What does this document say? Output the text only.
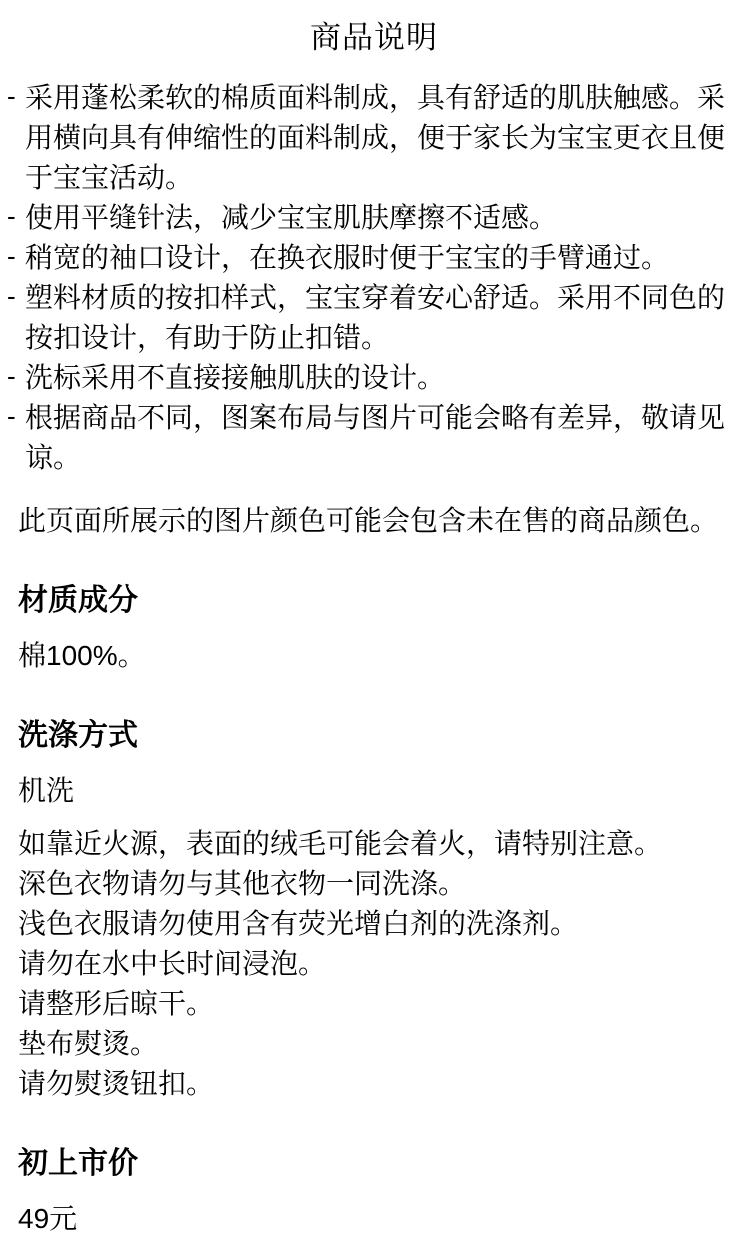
商品说明
- 采用蓬松柔软的棉质面料制成，具有舒适的肌肤触感。采用横向具有伸缩性的面料制成，便于家长为宝宝更衣且便于宝宝活动。
- 使用平缝针法，减少宝宝肌肤摩擦不适感。
- 稍宽的袖口设计，在换衣服时便于宝宝的手臂通过。
- 塑料材质的按扣样式，宝宝穿着安心舒适。采用不同色的按扣设计，有助于防止扣错。
- 洗标采用不直接接触肌肤的设计。
- 根据商品不同，图案布局与图片可能会略有差异，敬请见谅。

此页面所展示的图片颜色可能会包含未在售的商品颜色。

材质成分

棉100%。

洗涤方式

机洗

如靠近火源，表面的绒毛可能会着火，请特别注意。

深色衣物请勿与其他衣物一同洗涤。

浅色衣服请勿使用含有荧光增白剂的洗涤剂。

请勿在水中长时间浸泡。

请整形后晾干。

垫布熨烫。

请勿熨烫钮扣。

初上市价

49元
